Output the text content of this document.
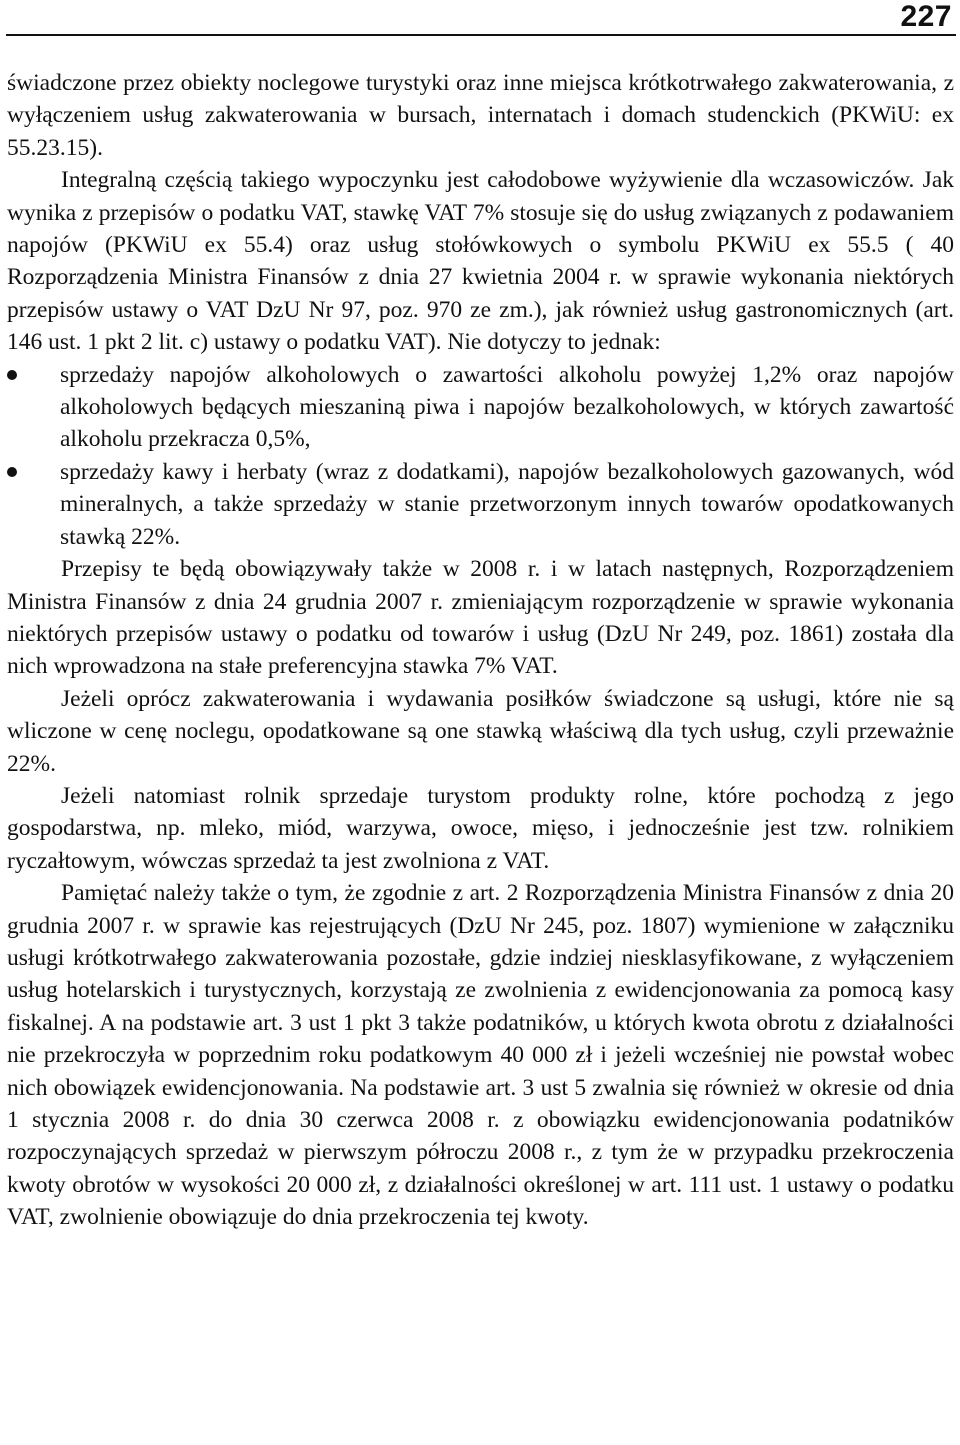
227

świadczone przez obiekty noclegowe turystyki oraz inne miejsca krótkotrwałego zakwaterowania, z wyłączeniem usług zakwaterowania w bursach, internatach i domach studenckich (PKWiU: ex 55.23.15).

Integralną częścią takiego wypoczynku jest całodobowe wyżywienie dla wczasowiczów. Jak wynika z przepisów o podatku VAT, stawkę VAT 7% stosuje się do usług związanych z podawaniem napojów (PKWiU ex 55.4) oraz usług stołówkowych o symbolu PKWiU ex 55.5 ( 40 Rozporządzenia Ministra Finansów z dnia 27 kwietnia 2004 r. w sprawie wykonania niektórych przepisów ustawy o VAT DzU Nr 97, poz. 970 ze zm.), jak również usług gastronomicznych (art. 146 ust. 1 pkt 2 lit. c) ustawy o podatku VAT). Nie dotyczy to jednak:

sprzedaży napojów alkoholowych o zawartości alkoholu powyżej 1,2% oraz napojów alkoholowych będących mieszaniną piwa i napojów bezalkoholowych, w których zawartość alkoholu przekracza 0,5%,
sprzedaży kawy i herbaty (wraz z dodatkami), napojów bezalkoholowych gazowanych, wód mineralnych, a także sprzedaży w stanie przetworzonym innych towarów opodatkowanych stawką 22%.

Przepisy te będą obowiązywały także w 2008 r. i w latach następnych, Rozporządzeniem Ministra Finansów z dnia 24 grudnia 2007 r. zmieniającym rozporządzenie w sprawie wykonania niektórych przepisów ustawy o podatku od towarów i usług (DzU Nr 249, poz. 1861) została dla nich wprowadzona na stałe preferencyjna stawka 7% VAT.

Jeżeli oprócz zakwaterowania i wydawania posiłków świadczone są usługi, które nie są wliczone w cenę noclegu, opodatkowane są one stawką właściwą dla tych usług, czyli przeważnie 22%.

Jeżeli natomiast rolnik sprzedaje turystom produkty rolne, które pochodzą z jego gospodarstwa, np. mleko, miód, warzywa, owoce, mięso, i jednocześnie jest tzw. rolnikiem ryczałtowym, wówczas sprzedaż ta jest zwolniona z VAT.

Pamiętać należy także o tym, że zgodnie z art. 2 Rozporządzenia Ministra Finansów z dnia 20 grudnia 2007 r. w sprawie kas rejestrujących (DzU Nr 245, poz. 1807) wymienione w załączniku usługi krótkotrwałego zakwaterowania pozostałe, gdzie indziej niesklasyfikowane, z wyłączeniem usług hotelarskich i turystycznych, korzystają ze zwolnienia z ewidencjonowania za pomocą kasy fiskalnej. A na podstawie art. 3 ust 1 pkt 3 także podatników, u których kwota obrotu z działalności nie przekroczyła w poprzednim roku podatkowym 40 000 zł i jeżeli wcześniej nie powstał wobec nich obowiązek ewidencjonowania. Na podstawie art. 3 ust 5 zwalnia się również w okresie od dnia 1 stycznia 2008 r. do dnia 30 czerwca 2008 r. z obowiązku ewidencjonowania podatników rozpoczynających sprzedaż w pierwszym półroczu 2008 r., z tym że w przypadku przekroczenia kwoty obrotów w wysokości 20 000 zł, z działalności określonej w art. 111 ust. 1 ustawy o podatku VAT, zwolnienie obowiązuje do dnia przekroczenia tej kwoty.
